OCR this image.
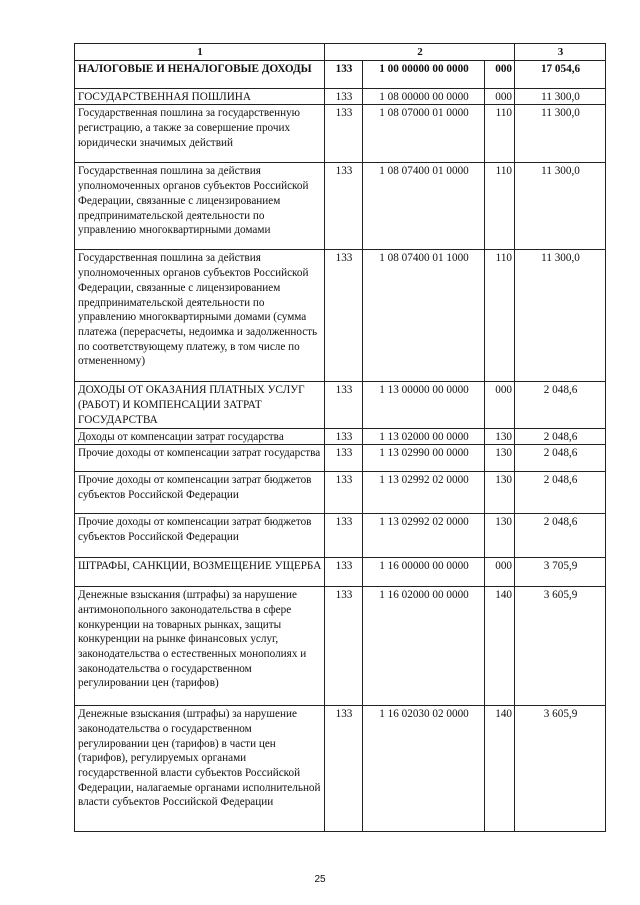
1	2			3
НАЛОГОВЫЕ И НЕНАЛОГОВЫЕ ДОХОДЫ	133	1 00 00000 00 0000	000	17 054,6
ГОСУДАРСТВЕННАЯ ПОШЛИНА	133	1 08 00000 00 0000	000	11 300,0
Государственная пошлина за государственную регистрацию, а также за совершение прочих юридически значимых действий	133	1 08 07000 01 0000	110	11 300,0
Государственная пошлина за действия уполномоченных органов субъектов Российской Федерации, связанные с лицензированием предпринимательской деятельности по управлению многоквартирными домами	133	1 08 07400 01 0000	110	11 300,0
Государственная пошлина за действия уполномоченных органов субъектов Российской Федерации, связанные с лицензированием предпринимательской деятельности по управлению многоквартирными домами (сумма платежа (перерасчеты, недоимка и задолженность по соответствующему платежу, в том числе по отмененному)	133	1 08 07400 01 1000	110	11 300,0
ДОХОДЫ ОТ ОКАЗАНИЯ ПЛАТНЫХ УСЛУГ (РАБОТ) И КОМПЕНСАЦИИ ЗАТРАТ ГОСУДАРСТВА	133	1 13 00000 00 0000	000	2 048,6
Доходы от компенсации затрат государства	133	1 13 02000 00 0000	130	2 048,6
Прочие доходы от компенсации затрат государства	133	1 13 02990 00 0000	130	2 048,6
Прочие доходы от компенсации затрат бюджетов субъектов Российской Федерации	133	1 13 02992 02 0000	130	2 048,6
Прочие доходы от компенсации затрат бюджетов субъектов Российской Федерации	133	1 13 02992 02 0000	130	2 048,6
ШТРАФЫ, САНКЦИИ, ВОЗМЕЩЕНИЕ УЩЕРБА	133	1 16 00000 00 0000	000	3 705,9
Денежные взыскания (штрафы) за нарушение антимонопольного законодательства в сфере конкуренции на товарных рынках, защиты конкуренции на рынке финансовых услуг, законодательства о естественных монополиях и законодательства о государственном регулировании цен (тарифов)	133	1 16 02000 00 0000	140	3 605,9
Денежные взыскания (штрафы) за нарушение законодательства о государственном регулировании цен (тарифов) в части цен (тарифов), регулируемых органами государственной власти субъектов Российской Федерации, налагаемые органами исполнительной власти субъектов Российской Федерации	133	1 16 02030 02 0000	140	3 605,9
25
